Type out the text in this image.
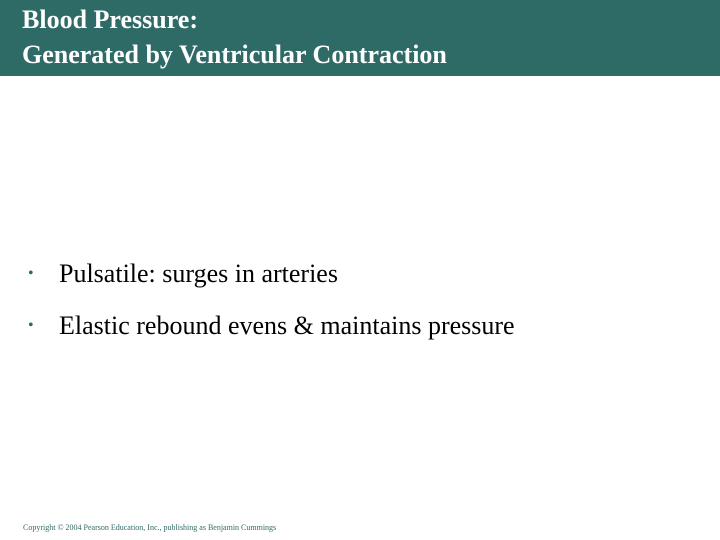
Blood Pressure:
Generated by Ventricular Contraction
• Pulsatile: surges in arteries
• Elastic rebound evens & maintains pressure
Copyright © 2004 Pearson Education, Inc., publishing as Benjamin Cummings
